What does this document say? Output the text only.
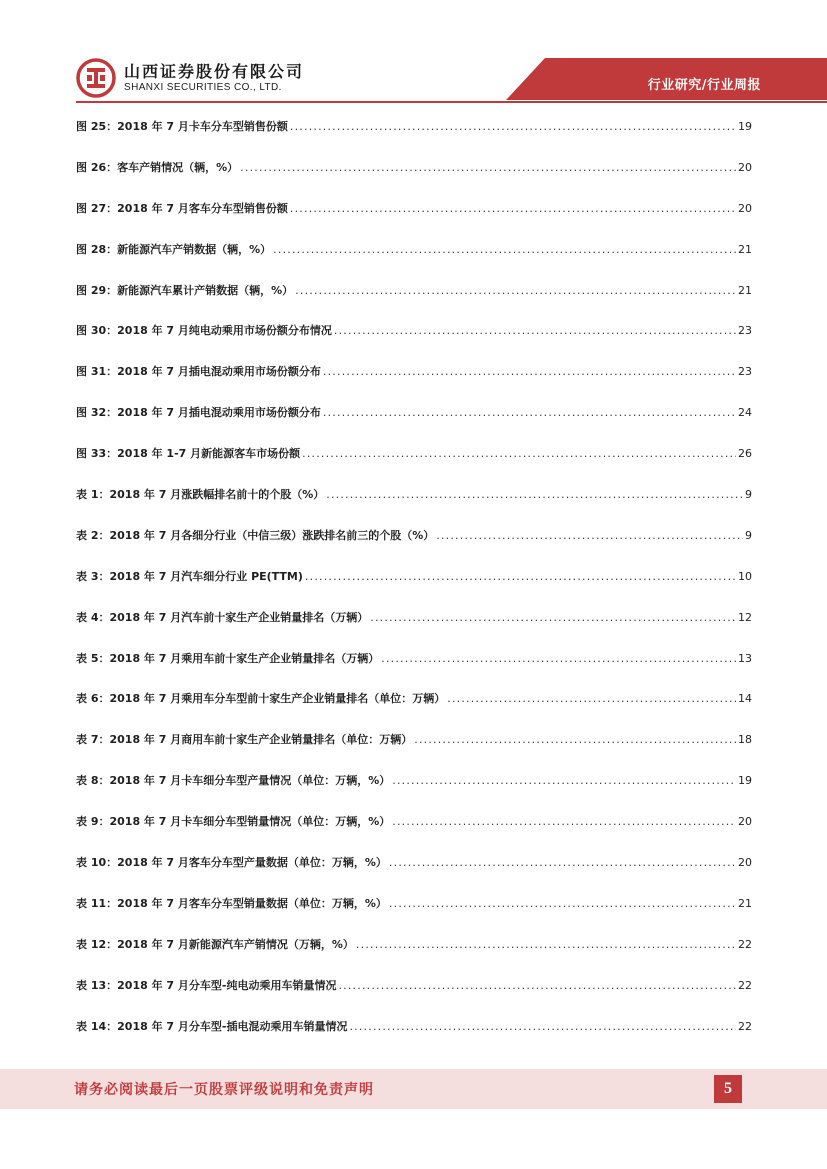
山西证券股份有限公司
SHANXI SECURITIES CO., LTD.	行业研究/行业周报
图 25：2018 年 7 月卡车分车型销售份额 .....	19
图 26：客车产销情况（辆，%） .....	20
图 27：2018 年 7 月客车分车型销售份额 .....	20
图 28：新能源汽车产销数据（辆，%） .....	21
图 29：新能源汽车累计产销数据（辆，%） .....	21
图 30：2018 年 7 月纯电动乘用市场份额分布情况 .....	23
图 31：2018 年 7 月插电混动乘用市场份额分布 .....	23
图 32：2018 年 7 月插电混动乘用市场份额分布 .....	24
图 33：2018 年 1-7 月新能源客车市场份额 .....	26
表 1：2018 年 7 月涨跌幅排名前十的个股（%） .....	9
表 2：2018 年 7 月各细分行业（中信三级）涨跌排名前三的个股（%） .....	9
表 3：2018 年 7 月汽车细分行业 PE(TTM) .....	10
表 4：2018 年 7 月汽车前十家生产企业销量排名（万辆） .....	12
表 5：2018 年 7 月乘用车前十家生产企业销量排名（万辆） .....	13
表 6：2018 年 7 月乘用车分车型前十家生产企业销量排名（单位：万辆） .....	14
表 7：2018 年 7 月商用车前十家生产企业销量排名（单位：万辆） .....	18
表 8：2018 年 7 月卡车细分车型产量情况（单位：万辆，%） .....	19
表 9：2018 年 7 月卡车细分车型销量情况（单位：万辆，%） .....	20
表 10：2018 年 7 月客车分车型产量数据（单位：万辆，%） .....	20
表 11：2018 年 7 月客车分车型销量数据（单位：万辆，%） .....	21
表 12：2018 年 7 月新能源汽车产销情况（万辆，%） .....	22
表 13：2018 年 7 月分车型-纯电动乘用车销量情况 .....	22
表 14：2018 年 7 月分车型-插电混动乘用车销量情况 .....	22
请务必阅读最后一页股票评级说明和免责声明	5
